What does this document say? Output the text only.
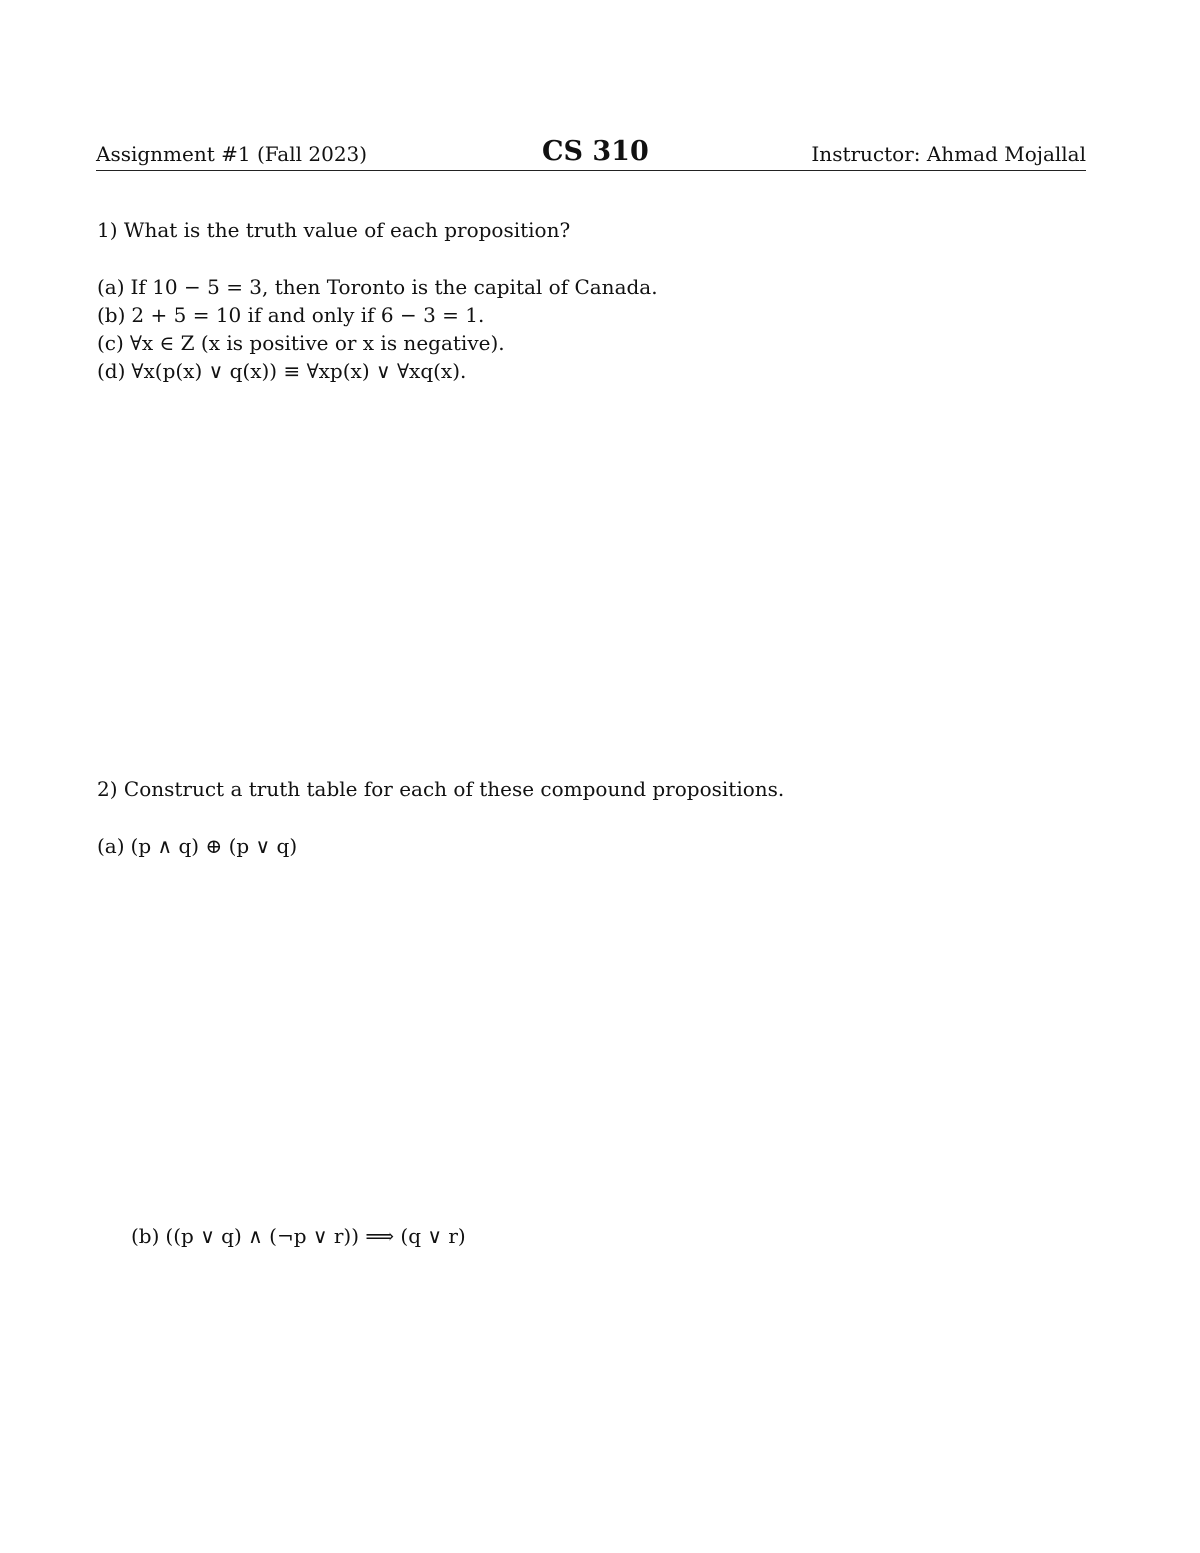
Assignment #1 (Fall 2023)	CS 310	Instructor: Ahmad Mojallal
1) What is the truth value of each proposition?
(a) If 10 − 5 = 3, then Toronto is the capital of Canada.
(b) 2 + 5 = 10 if and only if 6 − 3 = 1.
(c) ∀x ∈ Z (x is positive or x is negative).
(d) ∀x(p(x) ∨ q(x)) ≡ ∀xp(x) ∨ ∀xq(x).
2) Construct a truth table for each of these compound propositions.
(a) (p ∧ q) ⊕ (p ∨ q)
(b) ((p ∨ q) ∧ (¬p ∨ r)) ⟹ (q ∨ r)
